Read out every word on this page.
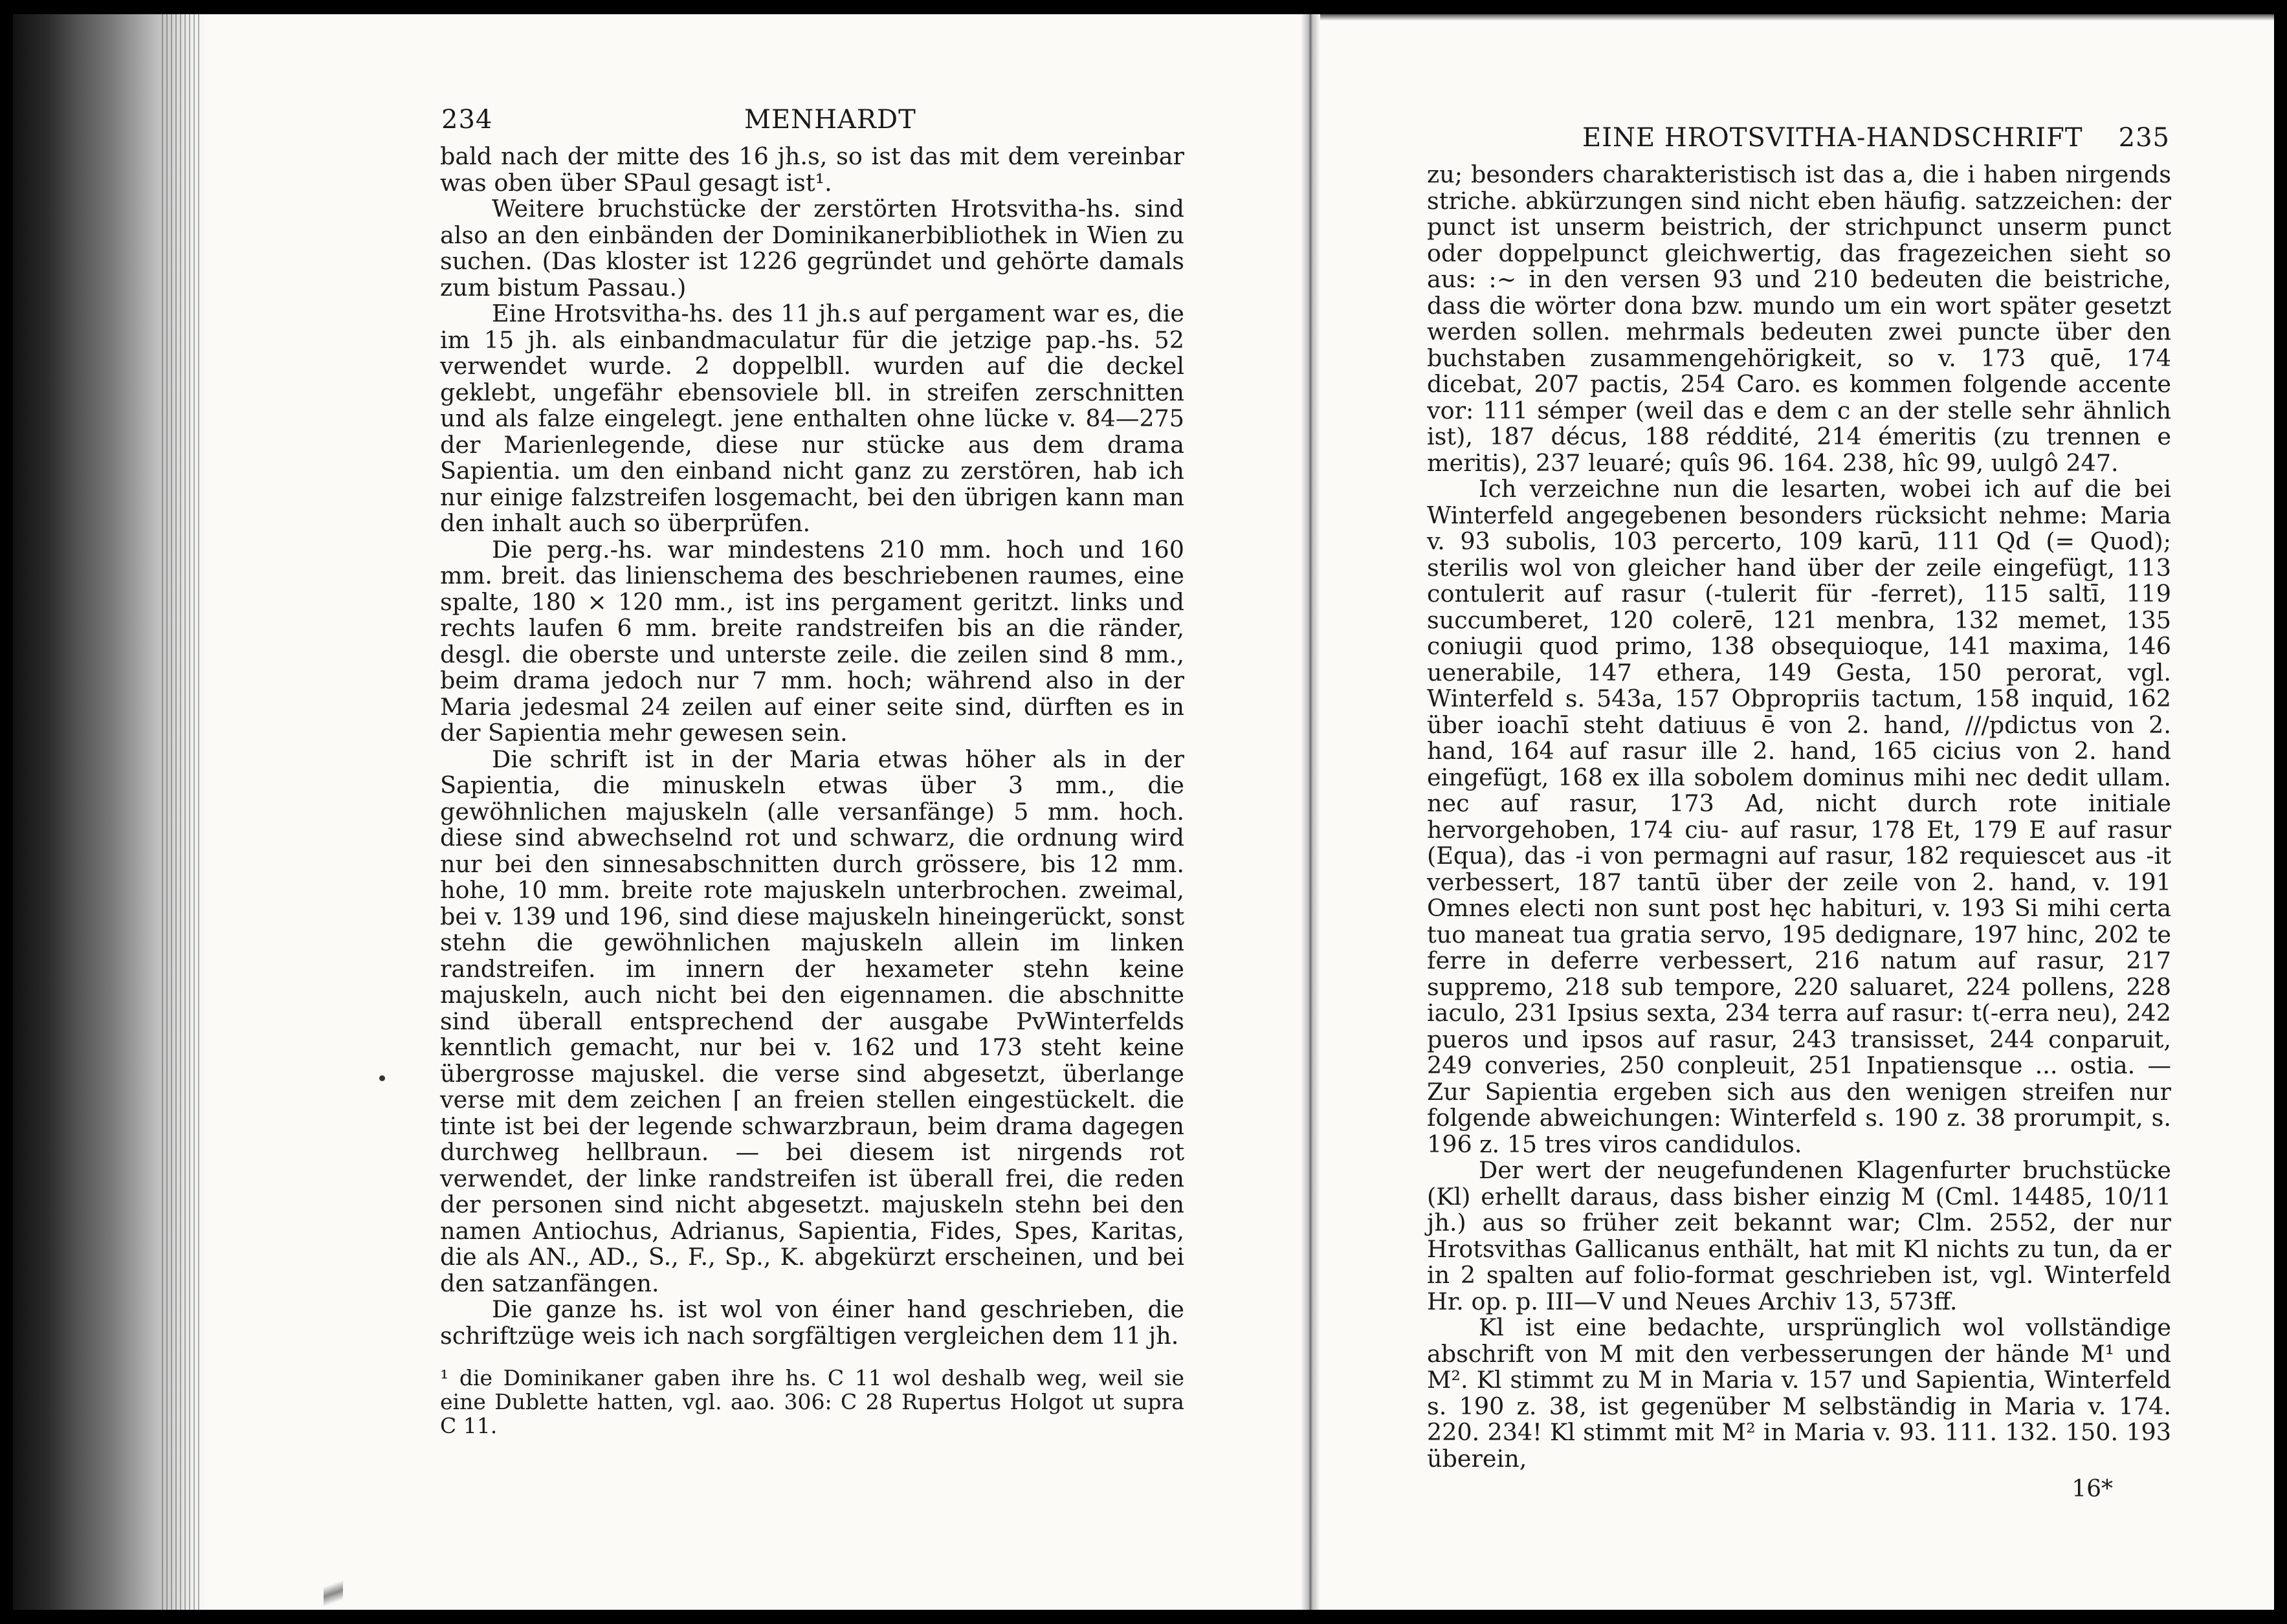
234	MENHARDT

bald nach der mitte des 16 jh.s, so ist das mit dem vereinbar was oben über SPaul gesagt ist¹.

Weitere bruchstücke der zerstörten Hrotsvitha-hs. sind also an den einbänden der Dominikanerbibliothek in Wien zu suchen. (Das kloster ist 1226 gegründet und gehörte damals zum bistum Passau.)

Eine Hrotsvitha-hs. des 11 jh.s auf pergament war es, die im 15 jh. als einbandmaculatur für die jetzige pap.-hs. 52 verwendet wurde. 2 doppelbll. wurden auf die deckel geklebt, ungefähr ebensoviele bll. in streifen zerschnitten und als falze eingelegt. jene enthalten ohne lücke v. 84—275 der Marienlegende, diese nur stücke aus dem drama Sapientia. um den einband nicht ganz zu zerstören, hab ich nur einige falzstreifen losgemacht, bei den übrigen kann man den inhalt auch so überprüfen.

Die perg.-hs. war mindestens 210 mm. hoch und 160 mm. breit. das linienschema des beschriebenen raumes, eine spalte, 180 × 120 mm., ist ins pergament geritzt. links und rechts laufen 6 mm. breite randstreifen bis an die ränder, desgl. die oberste und unterste zeile. die zeilen sind 8 mm., beim drama jedoch nur 7 mm. hoch; während also in der Maria jedesmal 24 zeilen auf einer seite sind, dürften es in der Sapientia mehr gewesen sein.

Die schrift ist in der Maria etwas höher als in der Sapientia, die minuskeln etwas über 3 mm., die gewöhnlichen majuskeln (alle versanfänge) 5 mm. hoch. diese sind abwechselnd rot und schwarz, die ordnung wird nur bei den sinnesabschnitten durch grössere, bis 12 mm. hohe, 10 mm. breite rote majuskeln unterbrochen. zweimal, bei v. 139 und 196, sind diese majuskeln hineingerückt, sonst stehn die gewöhnlichen majuskeln allein im linken randstreifen. im innern der hexameter stehn keine majuskeln, auch nicht bei den eigennamen. die abschnitte sind überall entsprechend der ausgabe PvWinterfelds kenntlich gemacht, nur bei v. 162 und 173 steht keine übergrosse majuskel. die verse sind abgesetzt, überlange verse mit dem zeichen ⌈ an freien stellen eingestückelt. die tinte ist bei der legende schwarzbraun, beim drama dagegen durchweg hellbraun. — bei diesem ist nirgends rot verwendet, der linke randstreifen ist überall frei, die reden der personen sind nicht abgesetzt. majuskeln stehn bei den namen Antiochus, Adrianus, Sapientia, Fides, Spes, Karitas, die als AN., AD., S., F., Sp., K. abgekürzt erscheinen, und bei den satzanfängen.

Die ganze hs. ist wol von éiner hand geschrieben, die schriftzüge weis ich nach sorgfältigen vergleichen dem 11 jh.

¹ die Dominikaner gaben ihre hs. C 11 wol deshalb weg, weil sie eine Dublette hatten, vgl. aao. 306: C 28 Rupertus Holgot ut supra C 11.
EINE HROTSVITHA-HANDSCHRIFT 235

zu; besonders charakteristisch ist das a, die i haben nirgends striche. abkürzungen sind nicht eben häufig. satzzeichen: der punct ist unserm beistrich, der strichpunct unserm punct oder doppelpunct gleichwertig, das fragezeichen sieht so aus: :~ in den versen 93 und 210 bedeuten die beistriche, dass die wörter dona bzw. mundo um ein wort später gesetzt werden sollen. mehrmals bedeuten zwei puncte über den buchstaben zusammengehörigkeit, so v. 173 quē, 174 dicebat, 207 pactis, 254 Caro. es kommen folgende accente vor: 111 sémper (weil das e dem c an der stelle sehr ähnlich ist), 187 décus, 188 réddité, 214 émeritis (zu trennen e meritis), 237 leuaré; quîs 96. 164. 238, hîc 99, uulgô 247.

Ich verzeichne nun die lesarten, wobei ich auf die bei Winterfeld angegebenen besonders rücksicht nehme: Maria v. 93 subolis, 103 percerto, 109 karū, 111 Qd (= Quod); sterilis wol von gleicher hand über der zeile eingefügt, 113 contulerit auf rasur (-tulerit für -ferret), 115 saltī, 119 succumberet, 120 colerē, 121 menbra, 132 memet, 135 coniugii quod primo, 138 obsequioque, 141 maxima, 146 uenerabile, 147 ethera, 149 Gesta, 150 perorat, vgl. Winterfeld s. 543a, 157 Obpropriis tactum, 158 inquid, 162 über ioachī steht datiuus ē von 2. hand, ///pdictus von 2. hand, 164 auf rasur ille 2. hand, 165 cicius von 2. hand eingefügt, 168 ex illa sobolem dominus mihi nec dedit ullam. nec auf rasur, 173 Ad, nicht durch rote initiale hervorgehoben, 174 ciu- auf rasur, 178 Et, 179 E auf rasur (Equa), das -i von permagni auf rasur, 182 requiescet aus -it verbessert, 187 tantū über der zeile von 2. hand, v. 191 Omnes electi non sunt post hęc habituri, v. 193 Si mihi certa tuo maneat tua gratia servo, 195 dedignare, 197 hinc, 202 te ferre in deferre verbessert, 216 natum auf rasur, 217 suppremo, 218 sub tempore, 220 saluaret, 224 pollens, 228 iaculo, 231 Ipsius sexta, 234 terra auf rasur: t(-erra neu), 242 pueros und ipsos auf rasur, 243 transisset, 244 conparuit, 249 converies, 250 conpleuit, 251 Inpatiensque ... ostia. — Zur Sapientia ergeben sich aus den wenigen streifen nur folgende abweichungen: Winterfeld s. 190 z. 38 prorumpit, s. 196 z. 15 tres viros candidulos.

Der wert der neugefundenen Klagenfurter bruchstücke (Kl) erhellt daraus, dass bisher einzig M (Cml. 14485, 10/11 jh.) aus so früher zeit bekannt war; Clm. 2552, der nur Hrotsvithas Gallicanus enthält, hat mit Kl nichts zu tun, da er in 2 spalten auf folio-format geschrieben ist, vgl. Winterfeld Hr. op. p. III—V und Neues Archiv 13, 573ff.

Kl ist eine bedachte, ursprünglich wol vollständige abschrift von M mit den verbesserungen der hände M¹ und M². Kl stimmt zu M in Maria v. 157 und Sapientia, Winterfeld s. 190 z. 38, ist gegenüber M selbständig in Maria v. 174. 220. 234! Kl stimmt mit M² in Maria v. 93. 111. 132. 150. 193 überein,

16*
